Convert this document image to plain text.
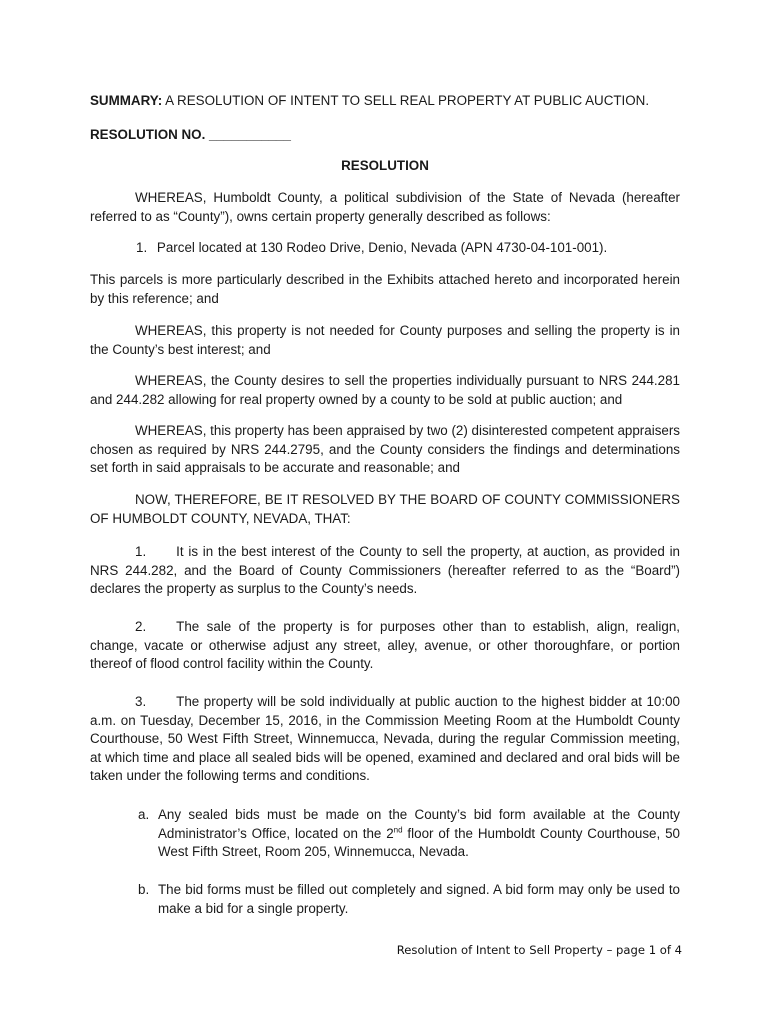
SUMMARY: A RESOLUTION OF INTENT TO SELL REAL PROPERTY AT PUBLIC AUCTION.
RESOLUTION NO. ___________
RESOLUTION

WHEREAS, Humboldt County, a political subdivision of the State of Nevada (hereafter referred to as “County”), owns certain property generally described as follows:

1. Parcel located at 130 Rodeo Drive, Denio, Nevada (APN 4730-04-101-001).

This parcels is more particularly described in the Exhibits attached hereto and incorporated herein by this reference; and

WHEREAS, this property is not needed for County purposes and selling the property is in the County’s best interest; and

WHEREAS, the County desires to sell the properties individually pursuant to NRS 244.281 and 244.282 allowing for real property owned by a county to be sold at public auction; and

WHEREAS, this property has been appraised by two (2) disinterested competent appraisers chosen as required by NRS 244.2795, and the County considers the findings and determinations set forth in said appraisals to be accurate and reasonable; and

NOW, THEREFORE, BE IT RESOLVED BY THE BOARD OF COUNTY COMMISSIONERS OF HUMBOLDT COUNTY, NEVADA, THAT:

1. It is in the best interest of the County to sell the property, at auction, as provided in NRS 244.282, and the Board of County Commissioners (hereafter referred to as the “Board”) declares the property as surplus to the County’s needs.

2. The sale of the property is for purposes other than to establish, align, realign, change, vacate or otherwise adjust any street, alley, avenue, or other thoroughfare, or portion thereof of flood control facility within the County.

3. The property will be sold individually at public auction to the highest bidder at 10:00 a.m. on Tuesday, December 15, 2016, in the Commission Meeting Room at the Humboldt County Courthouse, 50 West Fifth Street, Winnemucca, Nevada, during the regular Commission meeting, at which time and place all sealed bids will be opened, examined and declared and oral bids will be taken under the following terms and conditions.

a. Any sealed bids must be made on the County’s bid form available at the County Administrator’s Office, located on the 2nd floor of the Humboldt County Courthouse, 50 West Fifth Street, Room 205, Winnemucca, Nevada.
b. The bid forms must be filled out completely and signed. A bid form may only be used to make a bid for a single property.
Resolution of Intent to Sell Property – page 1 of 4
